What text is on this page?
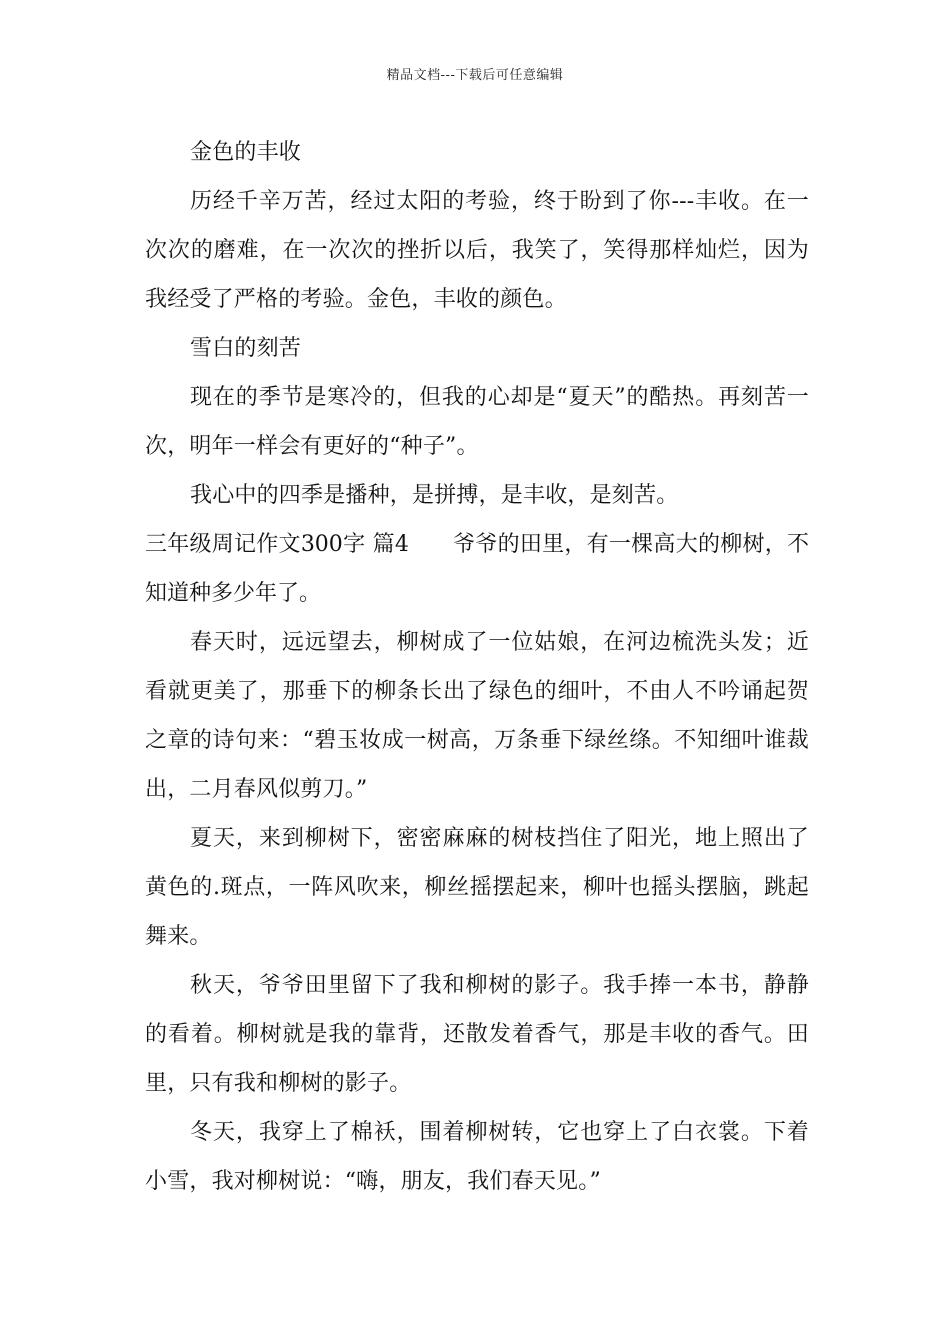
精品文档---下载后可任意编辑

金色的丰收

历经千辛万苦，经过太阳的考验，终于盼到了你---丰收。在一次次的磨难，在一次次的挫折以后，我笑了，笑得那样灿烂，因为我经受了严格的考验。金色，丰收的颜色。

雪白的刻苦

现在的季节是寒冷的，但我的心却是“夏天”的酷热。再刻苦一次，明年一样会有更好的“种子”。

我心中的四季是播种，是拼搏，是丰收，是刻苦。

三年级周记作文300字 篇4 爷爷的田里，有一棵高大的柳树，不知道种多少年了。

春天时，远远望去，柳树成了一位姑娘，在河边梳洗头发；近看就更美了，那垂下的柳条长出了绿色的细叶，不由人不吟诵起贺之章的诗句来：“碧玉妆成一树高，万条垂下绿丝绦。不知细叶谁裁出，二月春风似剪刀。”

夏天，来到柳树下，密密麻麻的树枝挡住了阳光，地上照出了黄色的.斑点，一阵风吹来，柳丝摇摆起来，柳叶也摇头摆脑，跳起舞来。

秋天，爷爷田里留下了我和柳树的影子。我手捧一本书，静静的看着。柳树就是我的靠背，还散发着香气，那是丰收的香气。田里，只有我和柳树的影子。

冬天，我穿上了棉袄，围着柳树转，它也穿上了白衣裳。下着小雪，我对柳树说：“嗨，朋友，我们春天见。”
